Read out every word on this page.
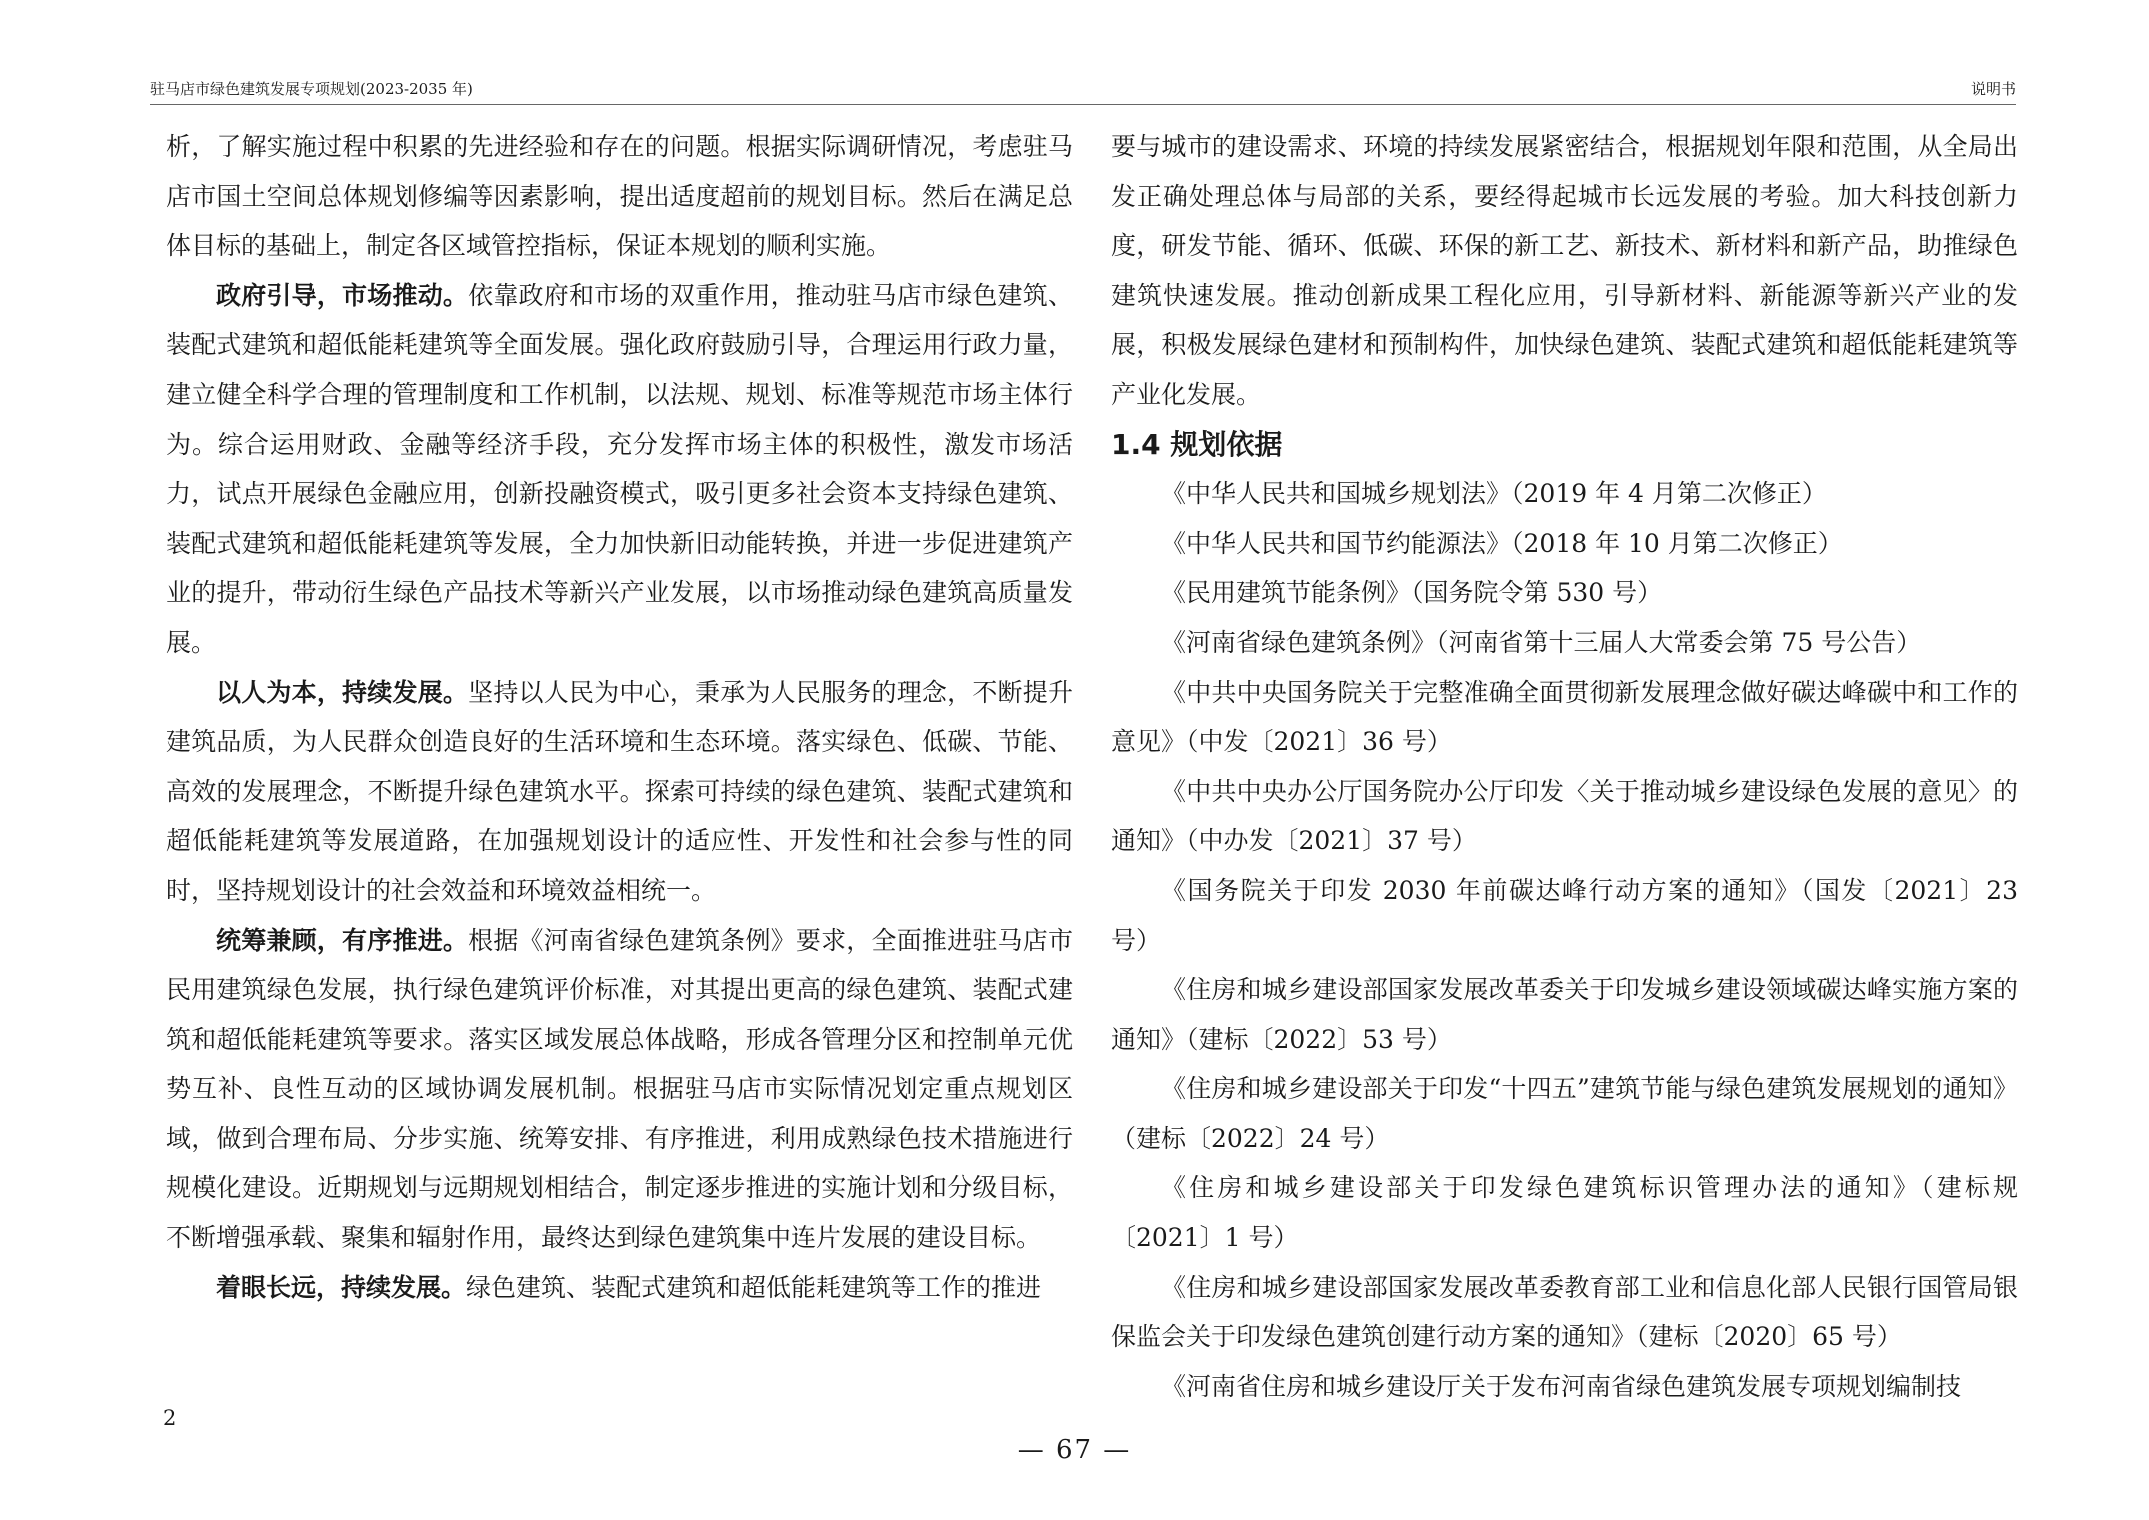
驻马店市绿色建筑发展专项规划(2023-2035 年)	说明书

析，了解实施过程中积累的先进经验和存在的问题。根据实际调研情况，考虑驻马店市国土空间总体规划修编等因素影响，提出适度超前的规划目标。然后在满足总体目标的基础上，制定各区域管控指标，保证本规划的顺利实施。

政府引导，市场推动。依靠政府和市场的双重作用，推动驻马店市绿色建筑、装配式建筑和超低能耗建筑等全面发展。强化政府鼓励引导，合理运用行政力量，建立健全科学合理的管理制度和工作机制，以法规、规划、标准等规范市场主体行为。综合运用财政、金融等经济手段，充分发挥市场主体的积极性，激发市场活力，试点开展绿色金融应用，创新投融资模式，吸引更多社会资本支持绿色建筑、装配式建筑和超低能耗建筑等发展，全力加快新旧动能转换，并进一步促进建筑产业的提升，带动衍生绿色产品技术等新兴产业发展，以市场推动绿色建筑高质量发展。

以人为本，持续发展。坚持以人民为中心，秉承为人民服务的理念，不断提升建筑品质，为人民群众创造良好的生活环境和生态环境。落实绿色、低碳、节能、高效的发展理念，不断提升绿色建筑水平。探索可持续的绿色建筑、装配式建筑和超低能耗建筑等发展道路，在加强规划设计的适应性、开发性和社会参与性的同时，坚持规划设计的社会效益和环境效益相统一。

统筹兼顾，有序推进。根据《河南省绿色建筑条例》要求，全面推进驻马店市民用建筑绿色发展，执行绿色建筑评价标准，对其提出更高的绿色建筑、装配式建筑和超低能耗建筑等要求。落实区域发展总体战略，形成各管理分区和控制单元优势互补、良性互动的区域协调发展机制。根据驻马店市实际情况划定重点规划区域，做到合理布局、分步实施、统筹安排、有序推进，利用成熟绿色技术措施进行规模化建设。近期规划与远期规划相结合，制定逐步推进的实施计划和分级目标，不断增强承载、聚集和辐射作用，最终达到绿色建筑集中连片发展的建设目标。

着眼长远，持续发展。绿色建筑、装配式建筑和超低能耗建筑等工作的推进

要与城市的建设需求、环境的持续发展紧密结合，根据规划年限和范围，从全局出发正确处理总体与局部的关系，要经得起城市长远发展的考验。加大科技创新力度，研发节能、循环、低碳、环保的新工艺、新技术、新材料和新产品，助推绿色建筑快速发展。推动创新成果工程化应用，引导新材料、新能源等新兴产业的发展，积极发展绿色建材和预制构件，加快绿色建筑、装配式建筑和超低能耗建筑等产业化发展。

1.4 规划依据

《中华人民共和国城乡规划法》（2019 年 4 月第二次修正）

《中华人民共和国节约能源法》（2018 年 10 月第二次修正）

《民用建筑节能条例》（国务院令第 530 号）

《河南省绿色建筑条例》（河南省第十三届人大常委会第 75 号公告）

《中共中央国务院关于完整准确全面贯彻新发展理念做好碳达峰碳中和工作的意见》（中发〔2021〕36 号）

《中共中央办公厅国务院办公厅印发〈关于推动城乡建设绿色发展的意见〉的通知》（中办发〔2021〕37 号）

《国务院关于印发 2030 年前碳达峰行动方案的通知》（国发〔2021〕23 号）

《住房和城乡建设部国家发展改革委关于印发城乡建设领域碳达峰实施方案的通知》（建标〔2022〕53 号）

《住房和城乡建设部关于印发“十四五”建筑节能与绿色建筑发展规划的通知》（建标〔2022〕24 号）

《住房和城乡建设部关于印发绿色建筑标识管理办法的通知》（建标规〔2021〕1 号）

《住房和城乡建设部国家发展改革委教育部工业和信息化部人民银行国管局银保监会关于印发绿色建筑创建行动方案的通知》（建标〔2020〕65 号）

《河南省住房和城乡建设厅关于发布河南省绿色建筑发展专项规划编制技

2
— 67 —
